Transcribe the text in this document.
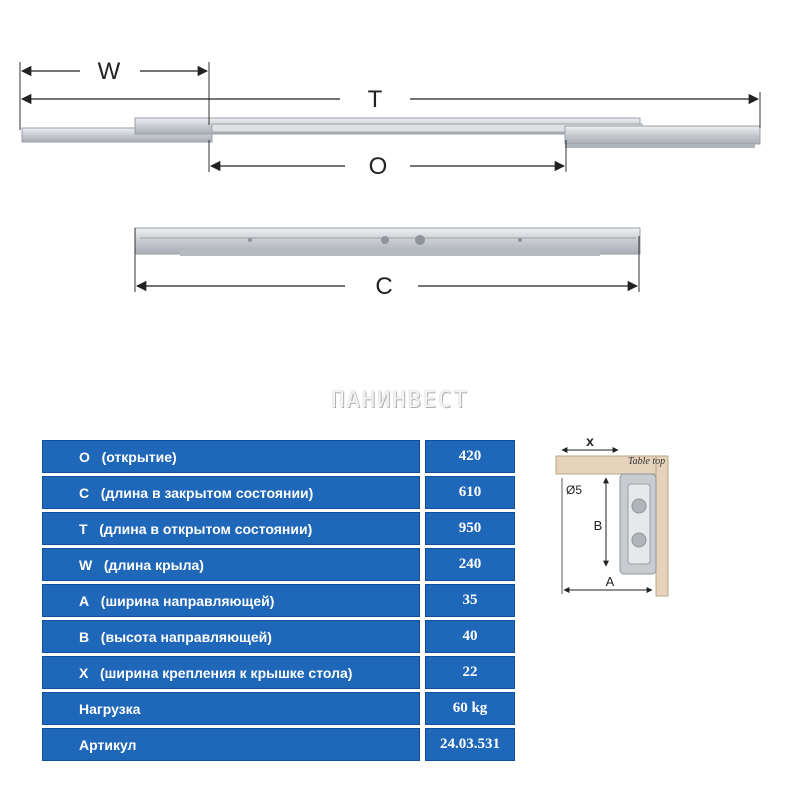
W
T
O
C
ПАНИНВЕСТ
O (открытие)	420
C (длина в закрытом состоянии)	610
T (длина в открытом состоянии)	950
W (длина крыла)	240
A (ширина направляющей)	35
B (высота направляющей)	40
X (ширина крепления к крышке стола)	22
Нагрузка	60 kg
Артикул	24.03.531
Table top
x
Ø5
B
A
